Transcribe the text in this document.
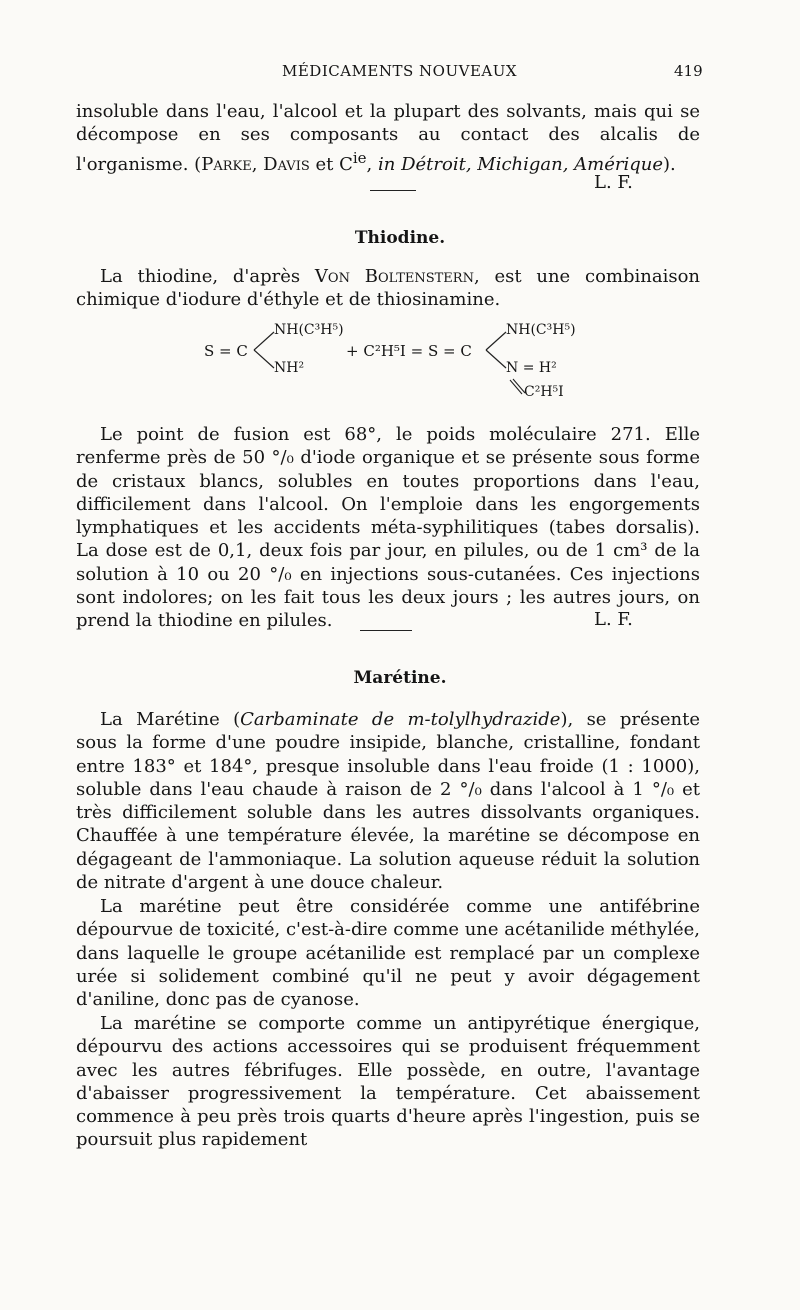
MÉDICAMENTS NOUVEAUX	419

insoluble dans l'eau, l'alcool et la plupart des solvants, mais qui se décompose en ses composants au contact des alcalis de l'organisme. (Parke, Davis et $C^{ie}$, in Détroit, Michigan, Amérique).

L. F.
Thiodine.

La thiodine, d'après Von Boltenstern, est une combinaison chimique d'iodure d'éthyle et de thiosinamine.

S = C
NH(C³H⁵)
NH²
+ C²H⁵I = S = C
NH(C³H⁵)
N = H²
C²H⁵I

Le point de fusion est 68°, le poids moléculaire 271. Elle renferme près de 50 °/₀ d'iode organique et se présente sous forme de cristaux blancs, solubles en toutes proportions dans l'eau, difficilement dans l'alcool. On l'emploie dans les engorgements lymphatiques et les accidents méta-syphilitiques (tabes dorsalis). La dose est de 0,1, deux fois par jour, en pilules, ou de 1 cm³ de la solution à 10 ou 20 °/₀ en injections sous-cutanées. Ces injections sont indolores; on les fait tous les deux jours ; les autres jours, on prend la thiodine en pilules.	L. F.
Marétine.

La Marétine (Carbaminate de m-tolylhydrazide), se présente sous la forme d'une poudre insipide, blanche, cristalline, fondant entre 183° et 184°, presque insoluble dans l'eau froide (1 : 1000), soluble dans l'eau chaude à raison de 2 °/₀ dans l'alcool à 1 °/₀ et très difficilement soluble dans les autres dissolvants organiques. Chauffée à une température élevée, la marétine se décompose en dégageant de l'ammoniaque. La solution aqueuse réduit la solution de nitrate d'argent à une douce chaleur.

La marétine peut être considérée comme une antifébrine dépourvue de toxicité, c'est-à-dire comme une acétanilide méthylée, dans laquelle le groupe acétanilide est remplacé par un complexe urée si solidement combiné qu'il ne peut y avoir dégagement d'aniline, donc pas de cyanose.

La marétine se comporte comme un antipyrétique énergique, dépourvu des actions accessoires qui se produisent fréquemment avec les autres fébrifuges. Elle possède, en outre, l'avantage d'abaisser progressivement la température. Cet abaissement commence à peu près trois quarts d'heure après l'ingestion, puis se poursuit plus rapidement
